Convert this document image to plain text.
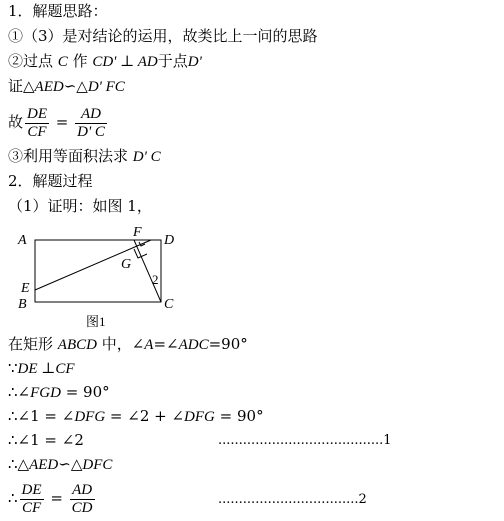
1．解题思路：
①（3）是对结论的运用，故类比上一问的思路
②过点 C 作 CD' ⊥ AD于点D'
证△AED∽△D' FC
故 $\frac{DE}{CF} = \frac{AD}{D' C}$
③利用等面积法求 D' C
2．解题过程
（1）证明：如图 1，
A
B	C
D
E
F
G
2
图1
在矩形 ABCD 中，∠A=∠ADC=90°
∵DE ⊥CF
∴∠FGD = 90°
∴∠1 = ∠DFG = ∠2 + ∠DFG = 90°
∴∠1 = ∠2	........................................1
∴△AED∽△DFC
∴ $\frac{DE}{CF} = \frac{AD}{CD}$	..................................2
